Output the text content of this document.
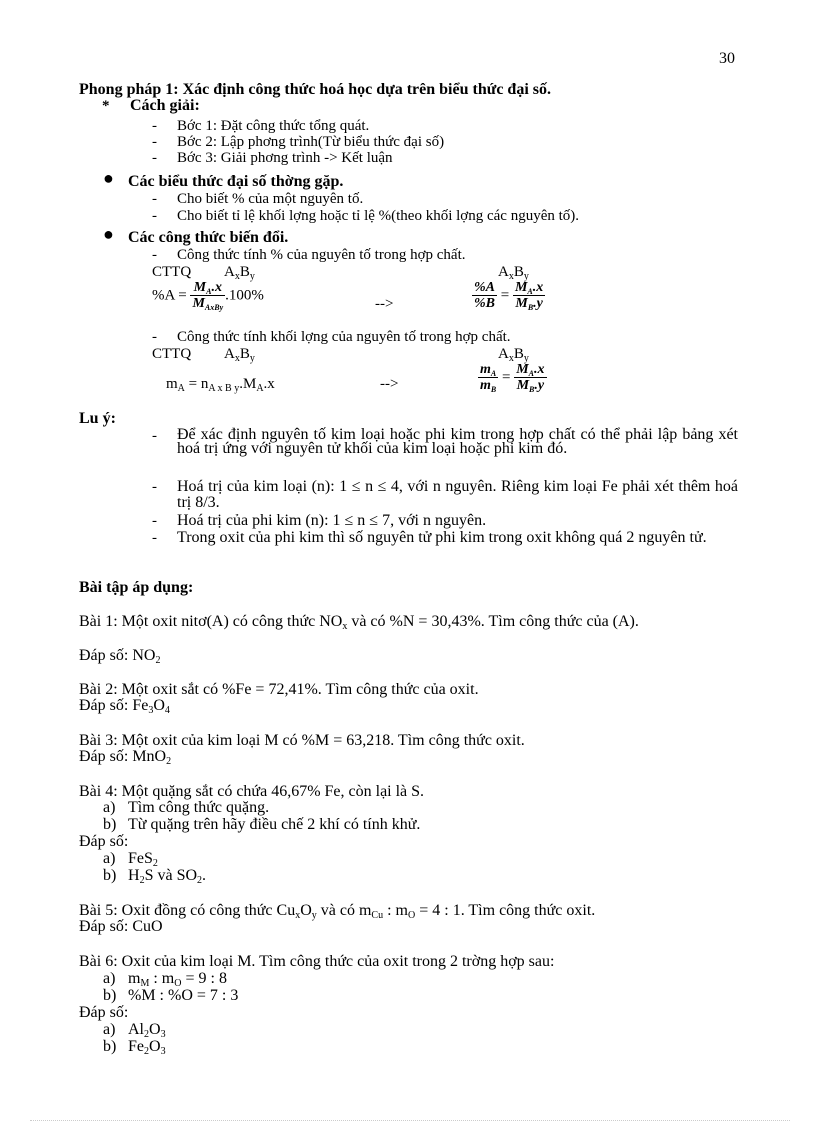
30
Phong pháp 1: Xác định công thức hoá học dựa trên biểu thức đại số.
* Cách giải:
- Bớc 1: Đặt công thức tổng quát.
- Bớc 2: Lập phơng trình(Từ biểu thức đại số)
- Bớc 3: Giải phơng trình -> Kết luận
● Các biểu thức đại số thờng gặp.
- Cho biết % của một nguyên tố.
- Cho biết tỉ lệ khối lợng hoặc tỉ lệ %(theo khối lợng các nguyên tố).
● Các công thức biến đổi.
- Công thức tính % của nguyên tố trong hợp chất.
CTTQ $A_xB_y$	$A_xB_y$
$\%A = \frac{M_A.x}{M_{AxBy}} .100\%$
-->	$\frac{\%A}{\%B} = \frac{M_A.x}{M_B.y}$
- Công thức tính khối lợng của nguyên tố trong hợp chất.
CTTQ $A_xB_y$	$A_xB_y$
$m_A = n_{A x B y}.M_A.x$	-->	$\frac{m_A}{m_B} = \frac{M_A.x}{M_B.y}$
Lu ý:
- Để xác định nguyên tố kim loại hoặc phi kim trong hợp chất có thể phải lập bảng xét hoá trị ứng với nguyên tử khối của kim loại hoặc phi kim đó.
- Hoá trị của kim loại (n): 1 ≤ n ≤ 4, với n nguyên. Riêng kim loại Fe phải xét thêm hoá trị 8/3.
- Hoá trị của phi kim (n): 1 ≤ n ≤ 7, với n nguyên.
- Trong oxit của phi kim thì số nguyên tử phi kim trong oxit không quá 2 nguyên tử.
Bài tập áp dụng:
Bài 1: Một oxit nitơ(A) có công thức $NO_x$ và có %N = 30,43%. Tìm công thức của (A).
Đáp số: $NO_2$
Bài 2: Một oxit sắt có %Fe = 72,41%. Tìm công thức của oxit.
Đáp số: $Fe_3O_4$
Bài 3: Một oxit của kim loại M có %M = 63,218. Tìm công thức oxit.
Đáp số: MnO$_2$
Bài 4: Một quặng sắt có chứa 46,67% Fe, còn lại là S.
a) Tìm công thức quặng.
b) Từ quặng trên hãy điều chế 2 khí có tính khử.
Đáp số:
a) FeS$_2$
b) $H_2S$ và $SO_2$.
Bài 5: Oxit đồng có công thức $Cu_xO_y$ và có $m_{Cu}$ : $m_O = 4$ : 1. Tìm công thức oxit.
Đáp số: CuO
Bài 6: Oxit của kim loại M. Tìm công thức của oxit trong 2 trờng hợp sau:
a) $m_M$ : $m_O = 9$ : 8
b) %M : %O = 7 : 3
Đáp số:
a) $Al_2O_3$
b) $Fe_2O_3$
